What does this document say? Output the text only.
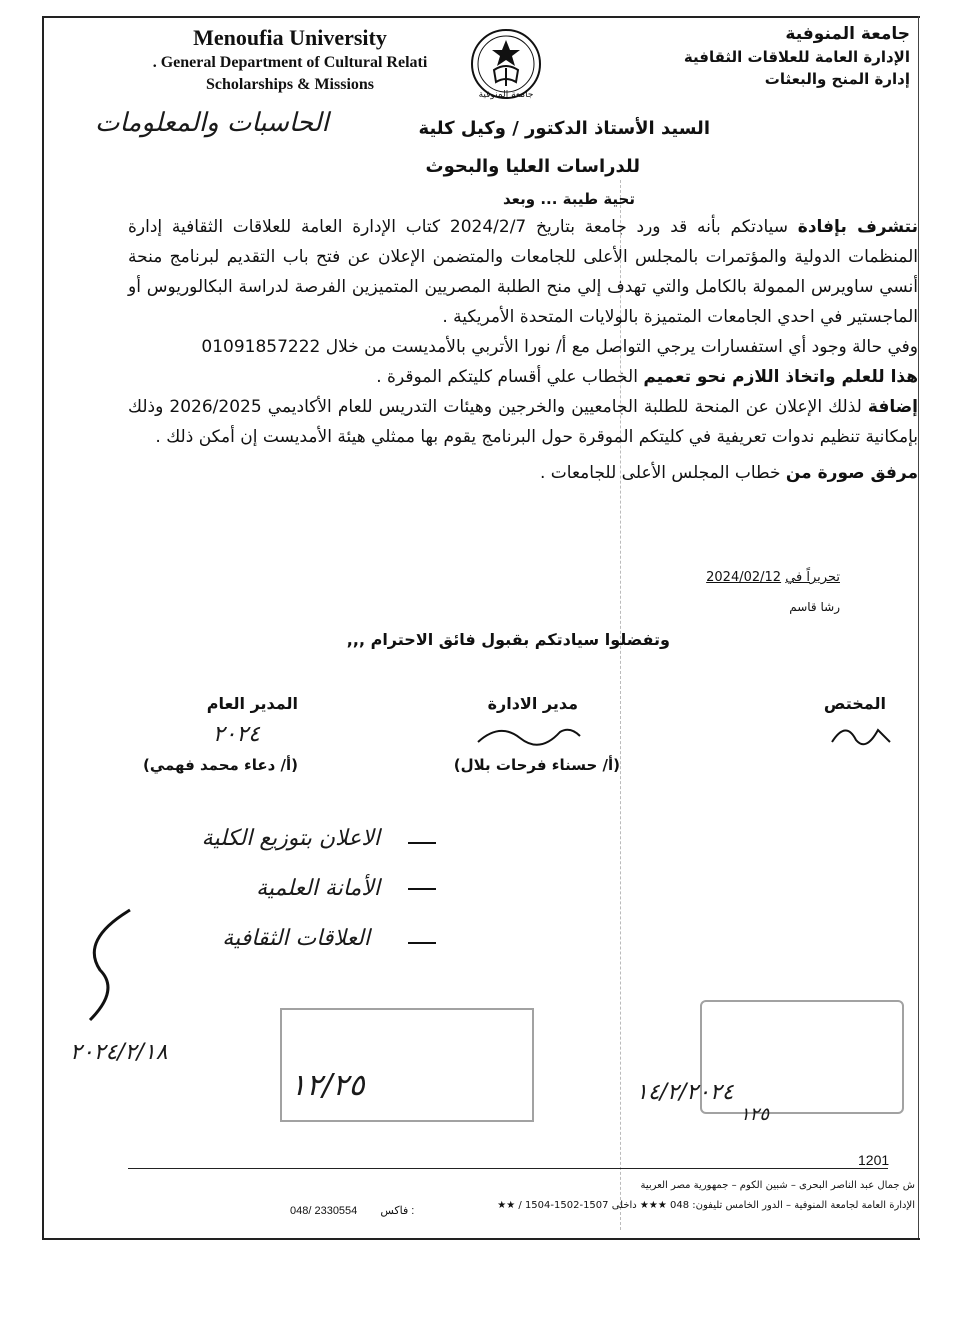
Menoufia University
. General Department of Cultural Relati
Scholarships & Missions
جامعة المنوفية
جامعة المنوفية
الإدارة العامة للعلاقات الثقافية
إدارة المنح والبعثات
الحاسبات والمعلومات	السيد الأستاذ الدكتور / وكيل كلية
للدراسات العليا والبحوث
تحية طيبة ... وبعد

نتشرف بإفادة سيادتكم بأنه قد ورد جامعة بتاريخ 2024/2/7 كتاب الإدارة العامة للعلاقات الثقافية إدارة المنظمات الدولية والمؤتمرات بالمجلس الأعلى للجامعات والمتضمن الإعلان عن فتح باب التقديم لبرنامج منحة أنسي ساويرس الممولة بالكامل والتي تهدف إلي منح الطلبة المصريين المتميزين الفرصة لدراسة البكالوريوس أو الماجستير في احدي الجامعات المتميزة بالولايات المتحدة الأمريكية .

وفي حالة وجود أي استفسارات يرجي التواصل مع أ/ نورا الأتربي بالأمديست من خلال 01091857222

هذا للعلم واتخاذ اللازم نحو تعميم الخطاب علي أقسام كليتكم الموقرة .

إضافة لذلك الإعلان عن المنحة للطلبة الجامعيين والخرجين وهيئات التدريس للعام الأكاديمي 2026/2025 وذلك بإمكانية تنظيم ندوات تعريفية في كليتكم الموقرة حول البرنامج يقوم بها ممثلي هيئة الأمديست إن أمكن ذلك .

مرفق صورة من خطاب المجلس الأعلى للجامعات .

تحريراً في 2024/02/12
رشا قاسم
وتفضلوا سيادتكم بقبول فائق الاحترام ,,,
المدير العام
٢٠٢٤
(أ/ دعاء محمد فهمي)
مدير الادارة
(أ/ حسناء فرحات بلال)
المختص
الاعلان بتوزيع الكلية
الأمانة العلمية
العلاقات الثقافية
٢٠٢٤/٢/١٨
١٢/٢٥	١٤/٢/٢٠٢٤
١٢٥
1201
ش جمال عبد الناصر البحرى – شبين الكوم – جمهورية مصر العربية
الإدارة العامة لجامعة المنوفية – الدور الخامس تليفون: 048 ★★★ داخلى 1507-1502-1504 / ★★
048/ 2330554 فاكس :
